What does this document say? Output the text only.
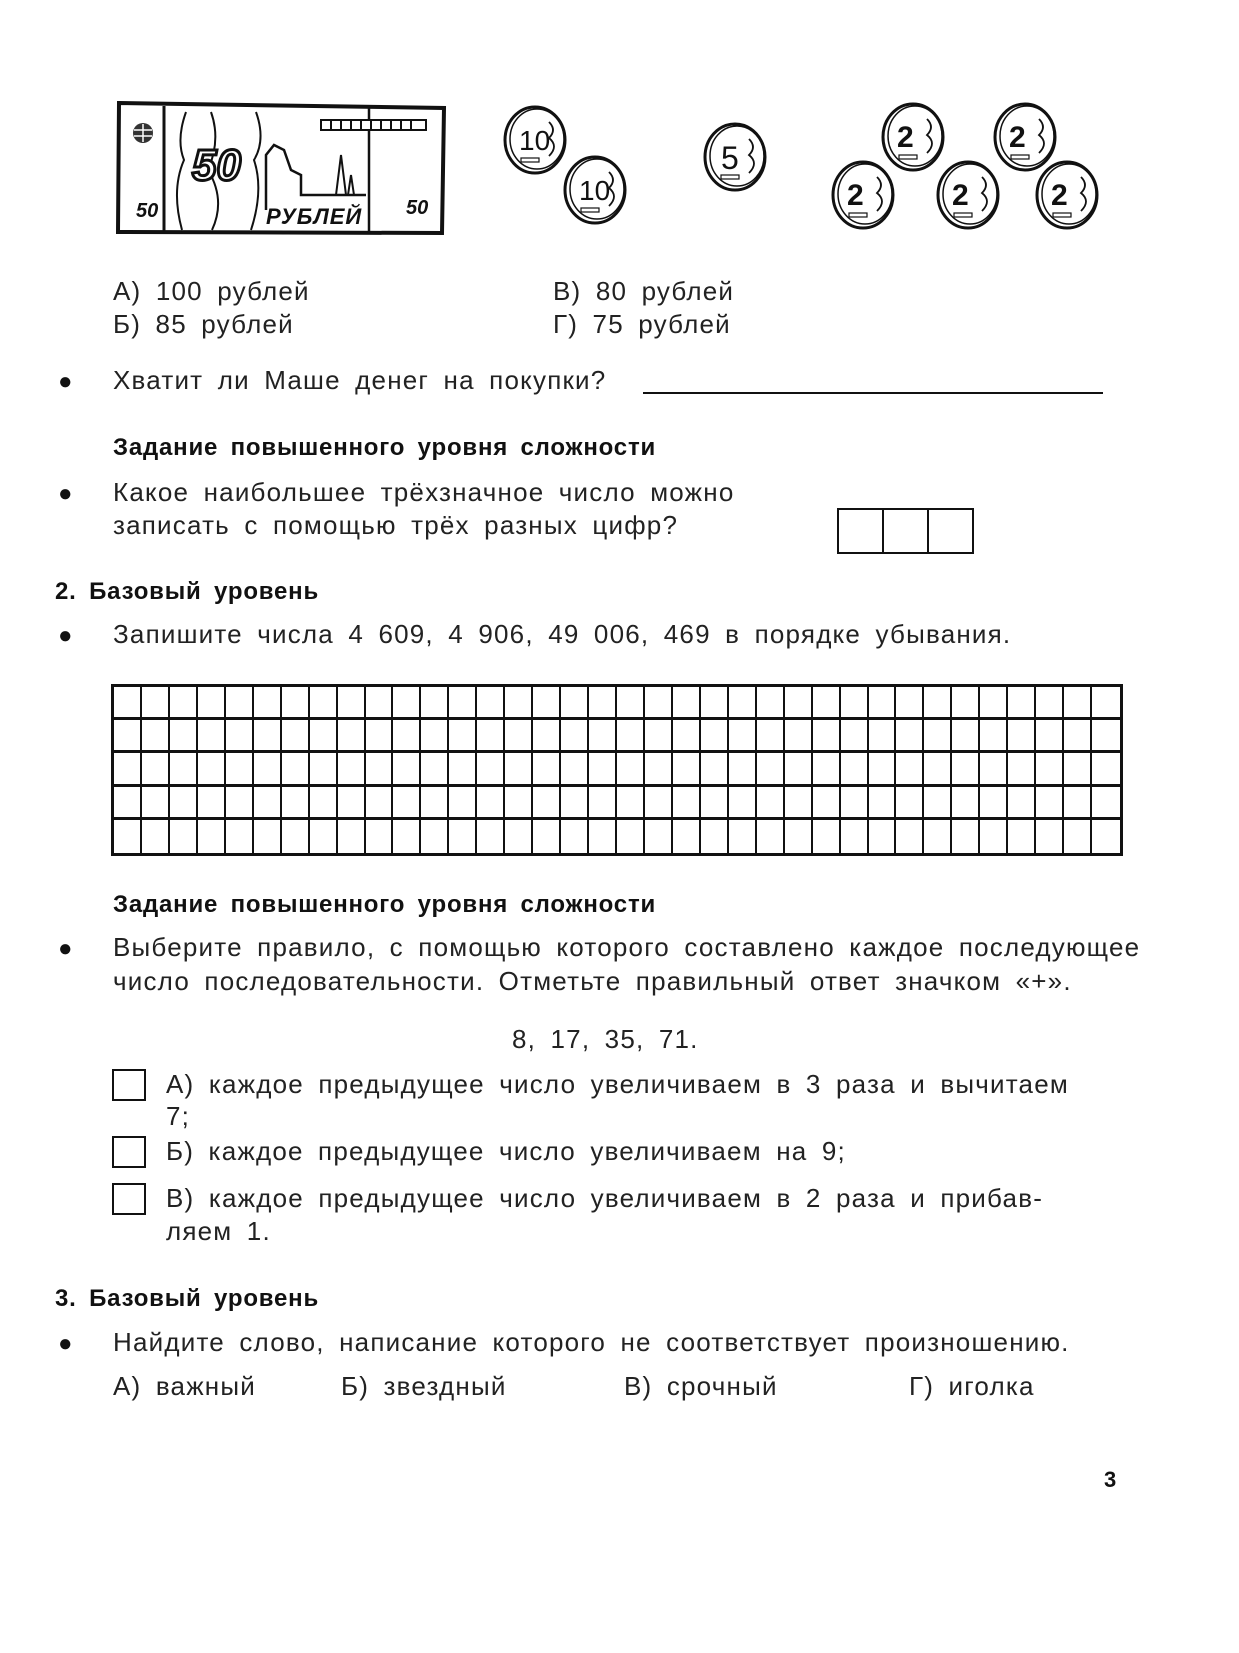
50
50	РУБЛЕЙ 50
10
10
5
2	2
2	2	2
А) 100 рублей	В) 80 рублей
Б) 85 рублей	Г) 75 рублей
● Хватит ли Маше денег на покупки?
Задание повышенного уровня сложности
● Какое наибольшее трёхзначное число можно
записать с помощью трёх разных цифр?
2. Базовый уровень
● Запишите числа 4 609, 4 906, 49 006, 469 в порядке убывания.
Задание повышенного уровня сложности
● Выберите правило, с помощью которого составлено каждое последующее
число последовательности. Отметьте правильный ответ значком «+».
8, 17, 35, 71.
А) каждое предыдущее число увеличиваем в 3 раза и вычитаем
7;
Б) каждое предыдущее число увеличиваем на 9;
В) каждое предыдущее число увеличиваем в 2 раза и прибав-
ляем 1.
3. Базовый уровень
● Найдите слово, написание которого не соответствует произношению.
А) важный	Б) звездный	В) срочный	Г) иголка
3
